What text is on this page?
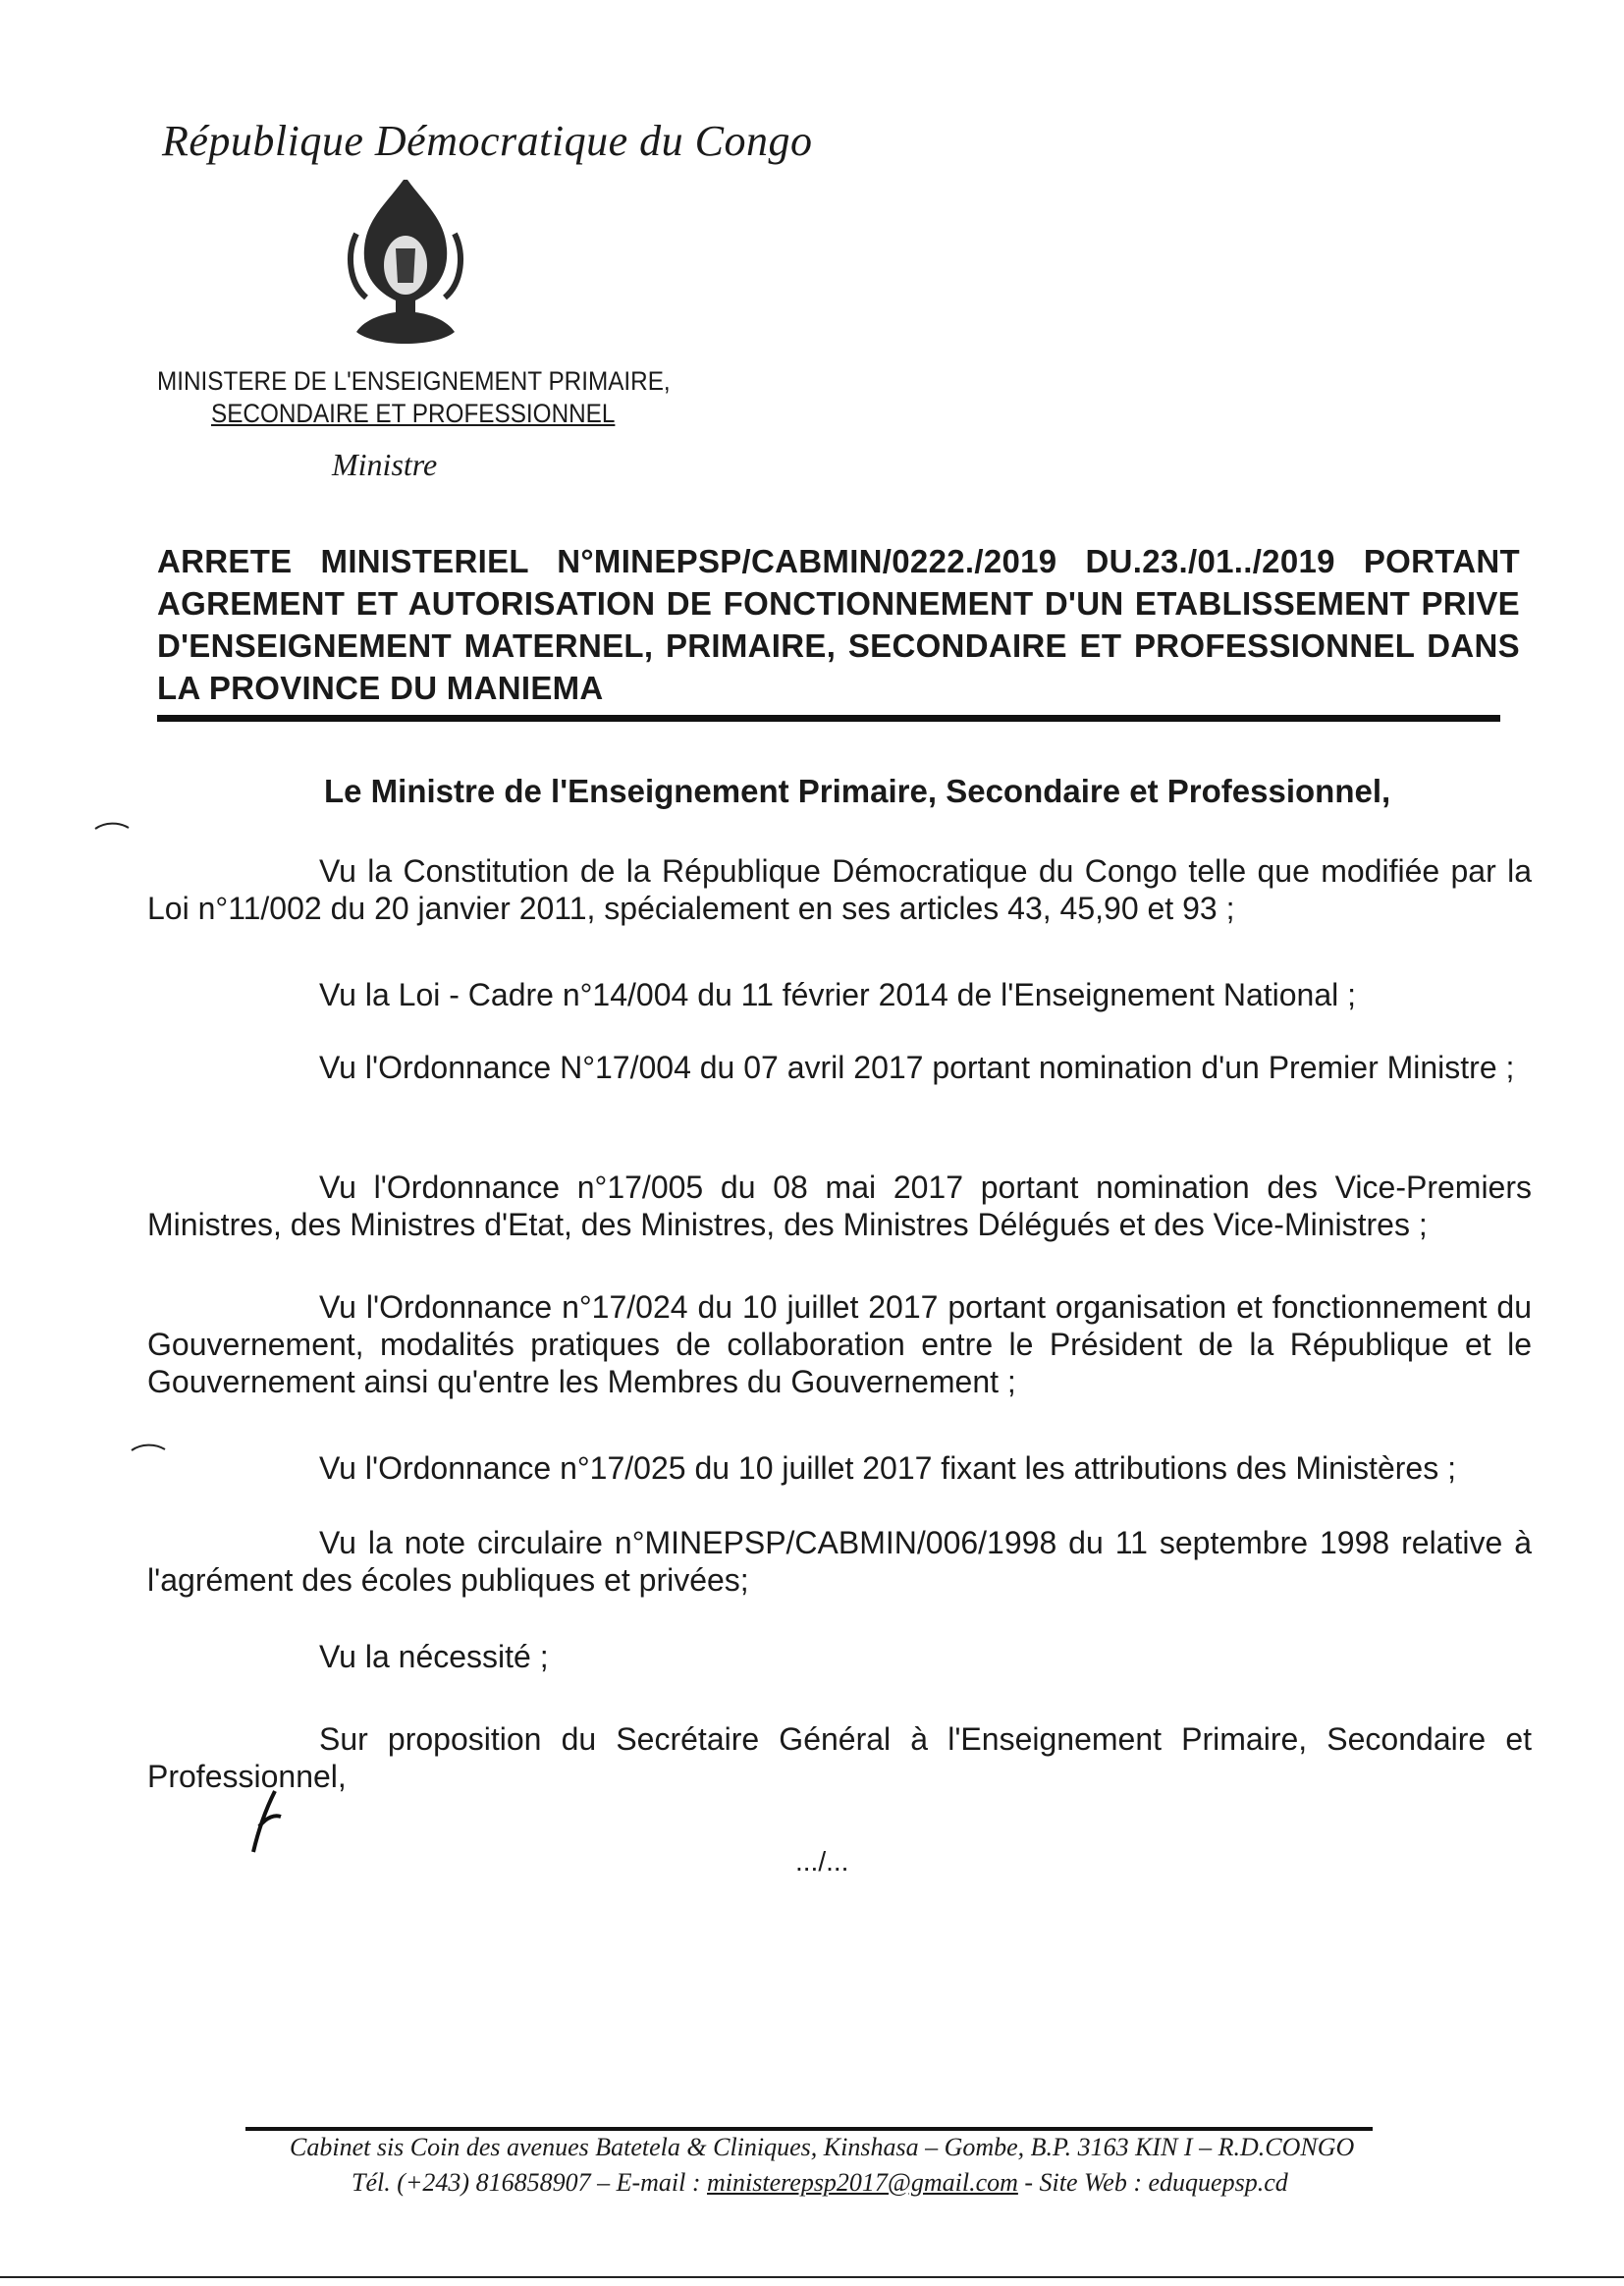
République Démocratique du Congo
MINISTERE DE L'ENSEIGNEMENT PRIMAIRE,
SECONDAIRE ET PROFESSIONNEL
Ministre
ARRETE MINISTERIEL N°MINEPSP/CABMIN/0222./2019 DU.23./01../2019 PORTANT AGREMENT ET AUTORISATION DE FONCTIONNEMENT D'UN ETABLISSEMENT PRIVE D'ENSEIGNEMENT MATERNEL, PRIMAIRE, SECONDAIRE ET PROFESSIONNEL DANS LA PROVINCE DU MANIEMA
Le Ministre de l'Enseignement Primaire, Secondaire et Professionnel,
Vu la Constitution de la République Démocratique du Congo telle que modifiée par la Loi n°11/002 du 20 janvier 2011, spécialement en ses articles 43, 45,90 et 93 ;
Vu la Loi - Cadre n°14/004 du 11 février 2014 de l'Enseignement National ;
Vu l'Ordonnance N°17/004 du 07 avril 2017 portant nomination d'un Premier Ministre ;
Vu l'Ordonnance n°17/005 du 08 mai 2017 portant nomination des Vice-Premiers Ministres, des Ministres d'Etat, des Ministres, des Ministres Délégués et des Vice-Ministres ;
Vu l'Ordonnance n°17/024 du 10 juillet 2017 portant organisation et fonctionnement du Gouvernement, modalités pratiques de collaboration entre le Président de la République et le Gouvernement ainsi qu'entre les Membres du Gouvernement ;
Vu l'Ordonnance n°17/025 du 10 juillet 2017 fixant les attributions des Ministères ;
Vu la note circulaire n°MINEPSP/CABMIN/006/1998 du 11 septembre 1998 relative à l'agrément des écoles publiques et privées;
Vu la nécessité ;
Sur proposition du Secrétaire Général à l'Enseignement Primaire, Secondaire et Professionnel,
.../...
Cabinet sis Coin des avenues Batetela & Cliniques, Kinshasa – Gombe, B.P. 3163 KIN I – R.D.CONGO
Tél. (+243) 816858907 – E-mail : ministerepsp2017@gmail.com - Site Web : eduquepsp.cd
